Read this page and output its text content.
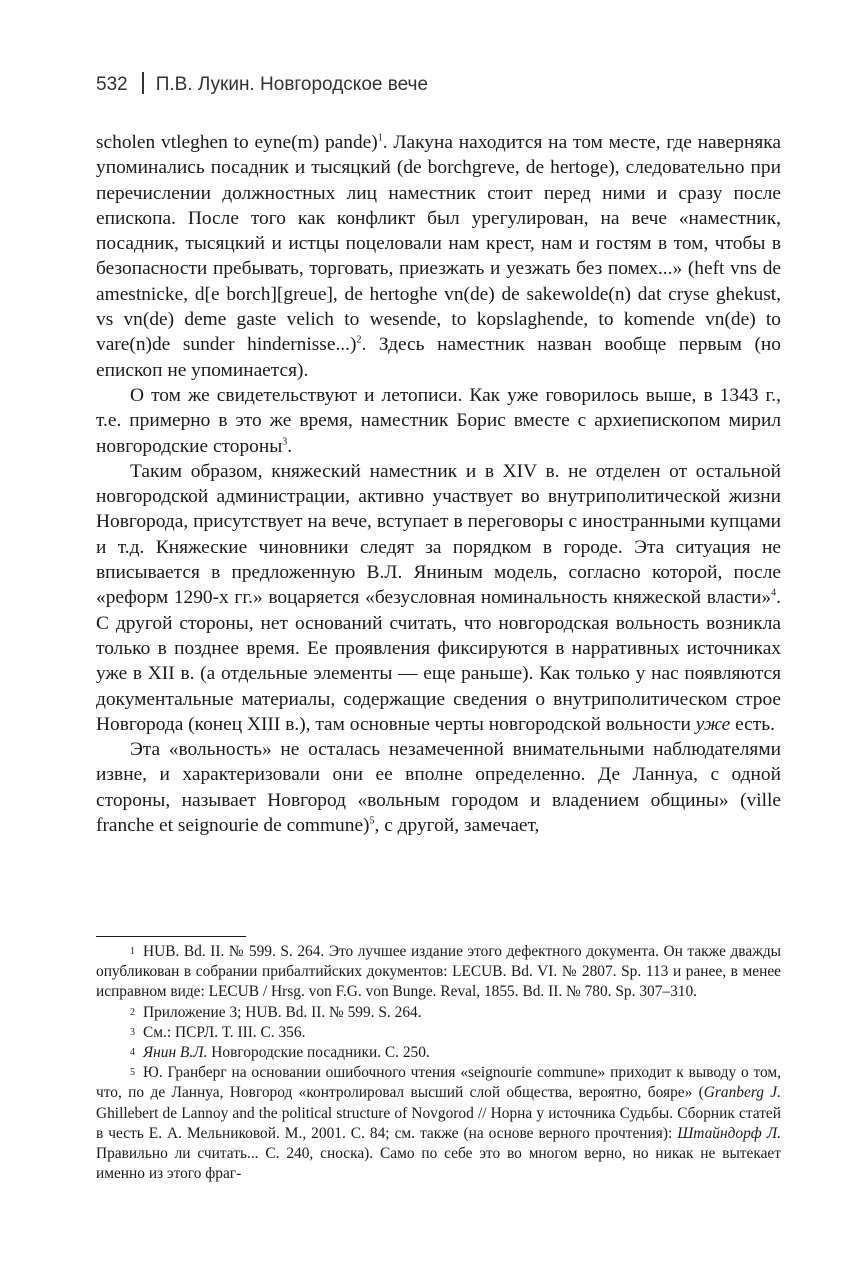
532 П.В. Лукин. Новгородское вече

scholen vtleghen to eyne(m) pande)$^1$. Лакуна находится на том месте, где наверняка упоминались посадник и тысяцкий (de borchgreve, de hertoge), следовательно при перечислении должностных лиц наместник стоит перед ними и сразу после епископа. После того как конфликт был урегулирован, на вече «наместник, посадник, тысяцкий и истцы поцеловали нам крест, нам и гостям в том, чтобы в безопасности пребывать, торговать, приезжать и уезжать без помех...» (heft vns de amestnicke, d[e borch][greue], de hertoghe vn(de) de sakewolde(n) dat cryse ghekust, vs vn(de) deme gaste velich to wesende, to kopslaghende, to komende vn(de) to vare(n)de sunder hindernisse...)$^2$. Здесь наместник назван вообще первым (но епископ не упоминается).

О том же свидетельствуют и летописи. Как уже говорилось выше, в 1343 г., т.е. примерно в это же время, наместник Борис вместе с архиепископом мирил новгородские стороны$^3$.

Таким образом, княжеский наместник и в XIV в. не отделен от остальной новгородской администрации, активно участвует во внутриполитической жизни Новгорода, присутствует на вече, вступает в переговоры с иностранными купцами и т.д. Княжеские чиновники следят за порядком в городе. Эта ситуация не вписывается в предложенную В.Л. Яниным модель, согласно которой, после «реформ 1290-х гг.» воцаряется «безусловная номинальность княжеской власти»$^4$. С другой стороны, нет оснований считать, что новгородская вольность возникла только в позднее время. Ее проявления фиксируются в нарративных источниках уже в XII в. (а отдельные элементы — еще раньше). Как только у нас появляются документальные материалы, содержащие сведения о внутриполитическом строе Новгорода (конец XIII в.), там основные черты новгородской вольности уже есть.

Эта «вольность» не осталась незамеченной внимательными наблюдателями извне, и характеризовали они ее вполне определенно. Де Ланнуа, с одной стороны, называет Новгород «вольным городом и владением общины» (ville franche et seignourie de commune)$^5$, с другой, замечает,

1 HUB. Bd. II. № 599. S. 264. Это лучшее издание этого дефектного документа. Он также дважды опубликован в собрании прибалтийских документов: LECUB. Bd. VI. № 2807. Sp. 113 и ранее, в менее исправном виде: LECUB / Hrsg. von F.G. von Bunge. Reval, 1855. Bd. II. № 780. Sp. 307–310.

2 Приложение 3; HUB. Bd. II. № 599. S. 264.

3 См.: ПСРЛ. Т. III. С. 356.

4 Янин В.Л. Новгородские посадники. С. 250.

5 Ю. Гранберг на основании ошибочного чтения «seignourie commune» приходит к выводу о том, что, по де Ланнуа, Новгород «контролировал высший слой общества, вероятно, бояре» (Granberg J. Ghillebert de Lannoy and the political structure of Novgorod // Норна у источника Судьбы. Сборник статей в честь Е. А. Мельниковой. М., 2001. С. 84; см. также (на основе верного прочтения): Штайндорф Л. Правильно ли считать... С. 240, сноска). Само по себе это во многом верно, но никак не вытекает именно из этого фраг-
